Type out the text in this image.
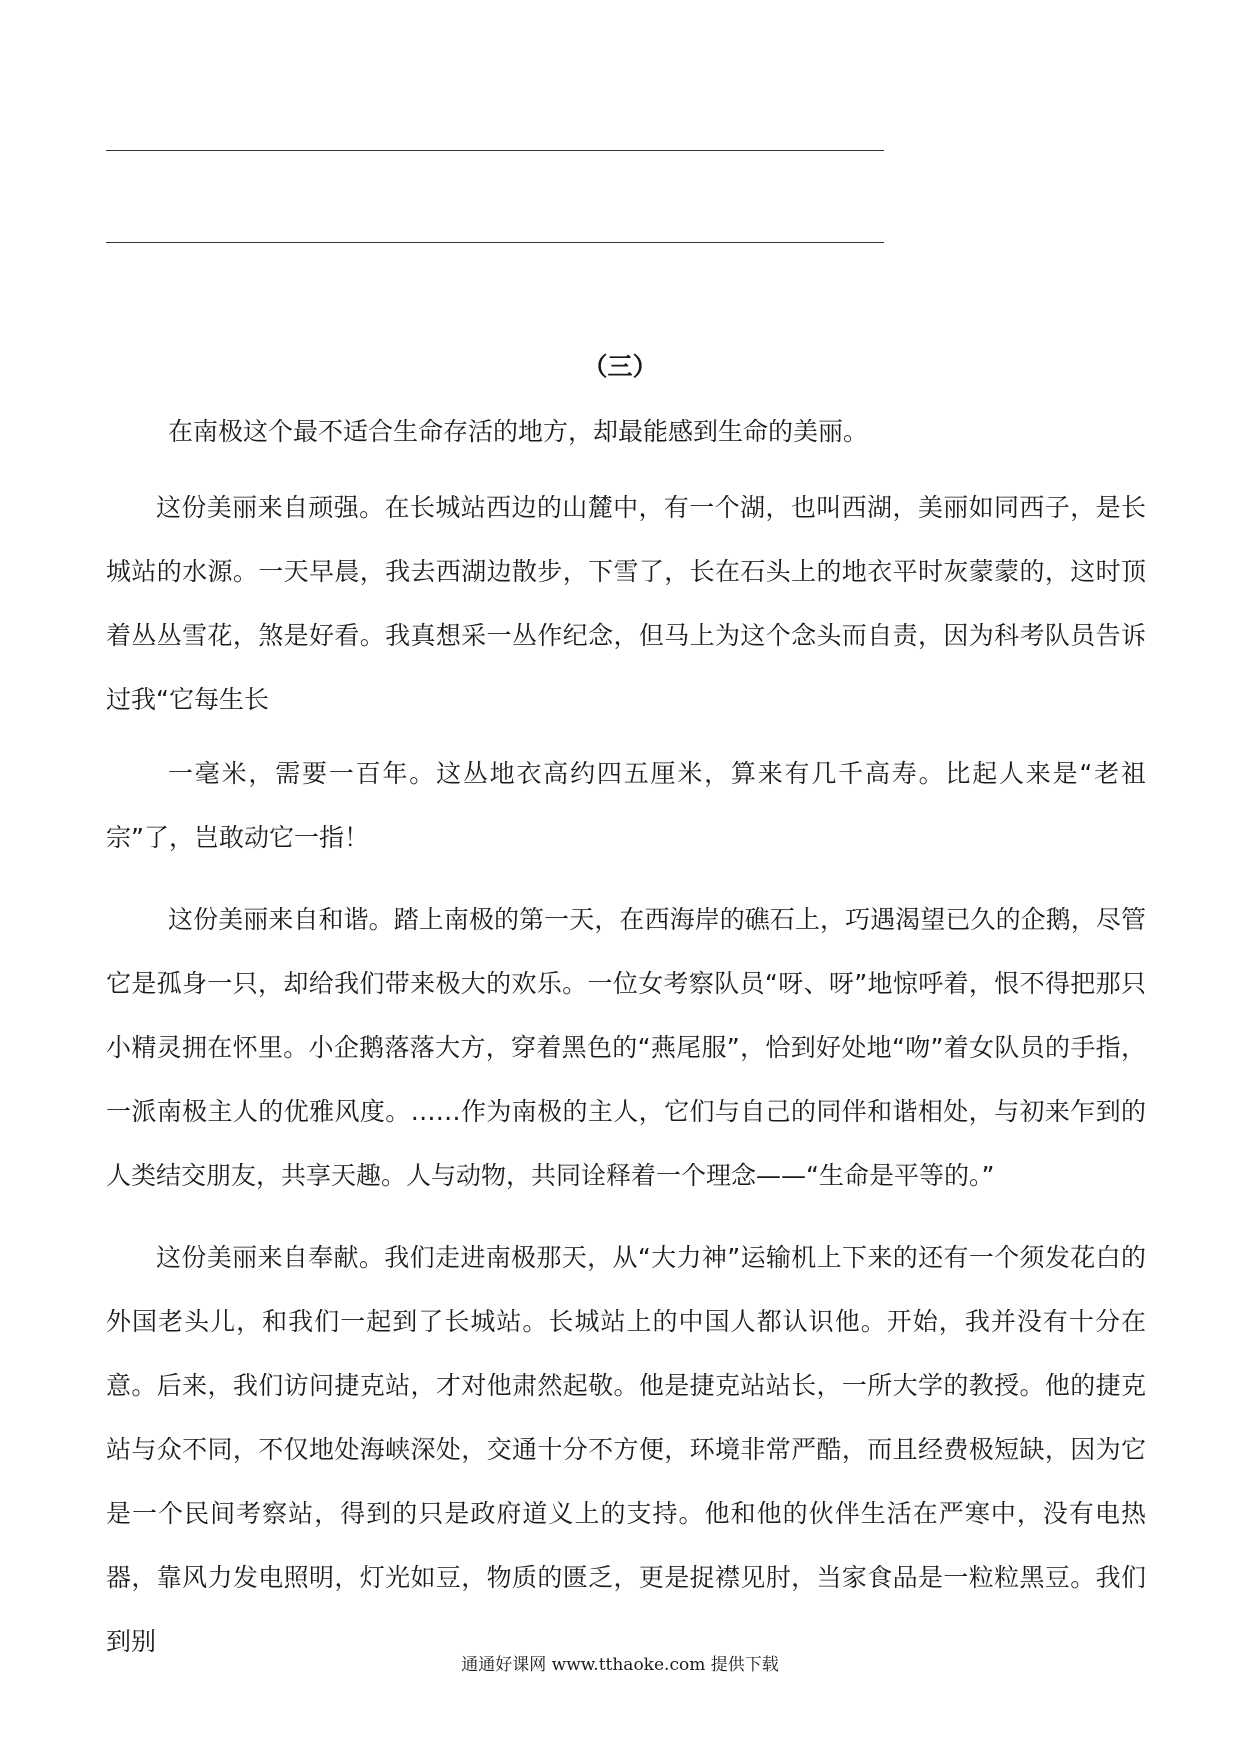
（三）

在南极这个最不适合生命存活的地方，却最能感到生命的美丽。

这份美丽来自顽强。在长城站西边的山麓中，有一个湖，也叫西湖，美丽如同西子，是长城站的水源。一天早晨，我去西湖边散步，下雪了，长在石头上的地衣平时灰蒙蒙的，这时顶着丛丛雪花，煞是好看。我真想采一丛作纪念，但马上为这个念头而自责，因为科考队员告诉过我“它每生长

一毫米，需要一百年。这丛地衣高约四五厘米，算来有几千高寿。比起人来是“老祖宗”了，岂敢动它一指！

这份美丽来自和谐。踏上南极的第一天，在西海岸的礁石上，巧遇渴望已久的企鹅，尽管它是孤身一只，却给我们带来极大的欢乐。一位女考察队员“呀、呀”地惊呼着，恨不得把那只小精灵拥在怀里。小企鹅落落大方，穿着黑色的“燕尾服”，恰到好处地“吻”着女队员的手指，一派南极主人的优雅风度。……作为南极的主人，它们与自己的同伴和谐相处，与初来乍到的人类结交朋友，共享天趣。人与动物，共同诠释着一个理念——“生命是平等的。”

这份美丽来自奉献。我们走进南极那天，从“大力神”运输机上下来的还有一个须发花白的外国老头儿，和我们一起到了长城站。长城站上的中国人都认识他。开始，我并没有十分在意。后来，我们访问捷克站，才对他肃然起敬。他是捷克站站长，一所大学的教授。他的捷克站与众不同，不仅地处海峡深处，交通十分不方便，环境非常严酷，而且经费极短缺，因为它是一个民间考察站，得到的只是政府道义上的支持。他和他的伙伴生活在严寒中，没有电热器，靠风力发电照明，灯光如豆，物质的匮乏，更是捉襟见肘，当家食品是一粒粒黑豆。我们到别

通通好课网 www.tthaoke.com 提供下载
